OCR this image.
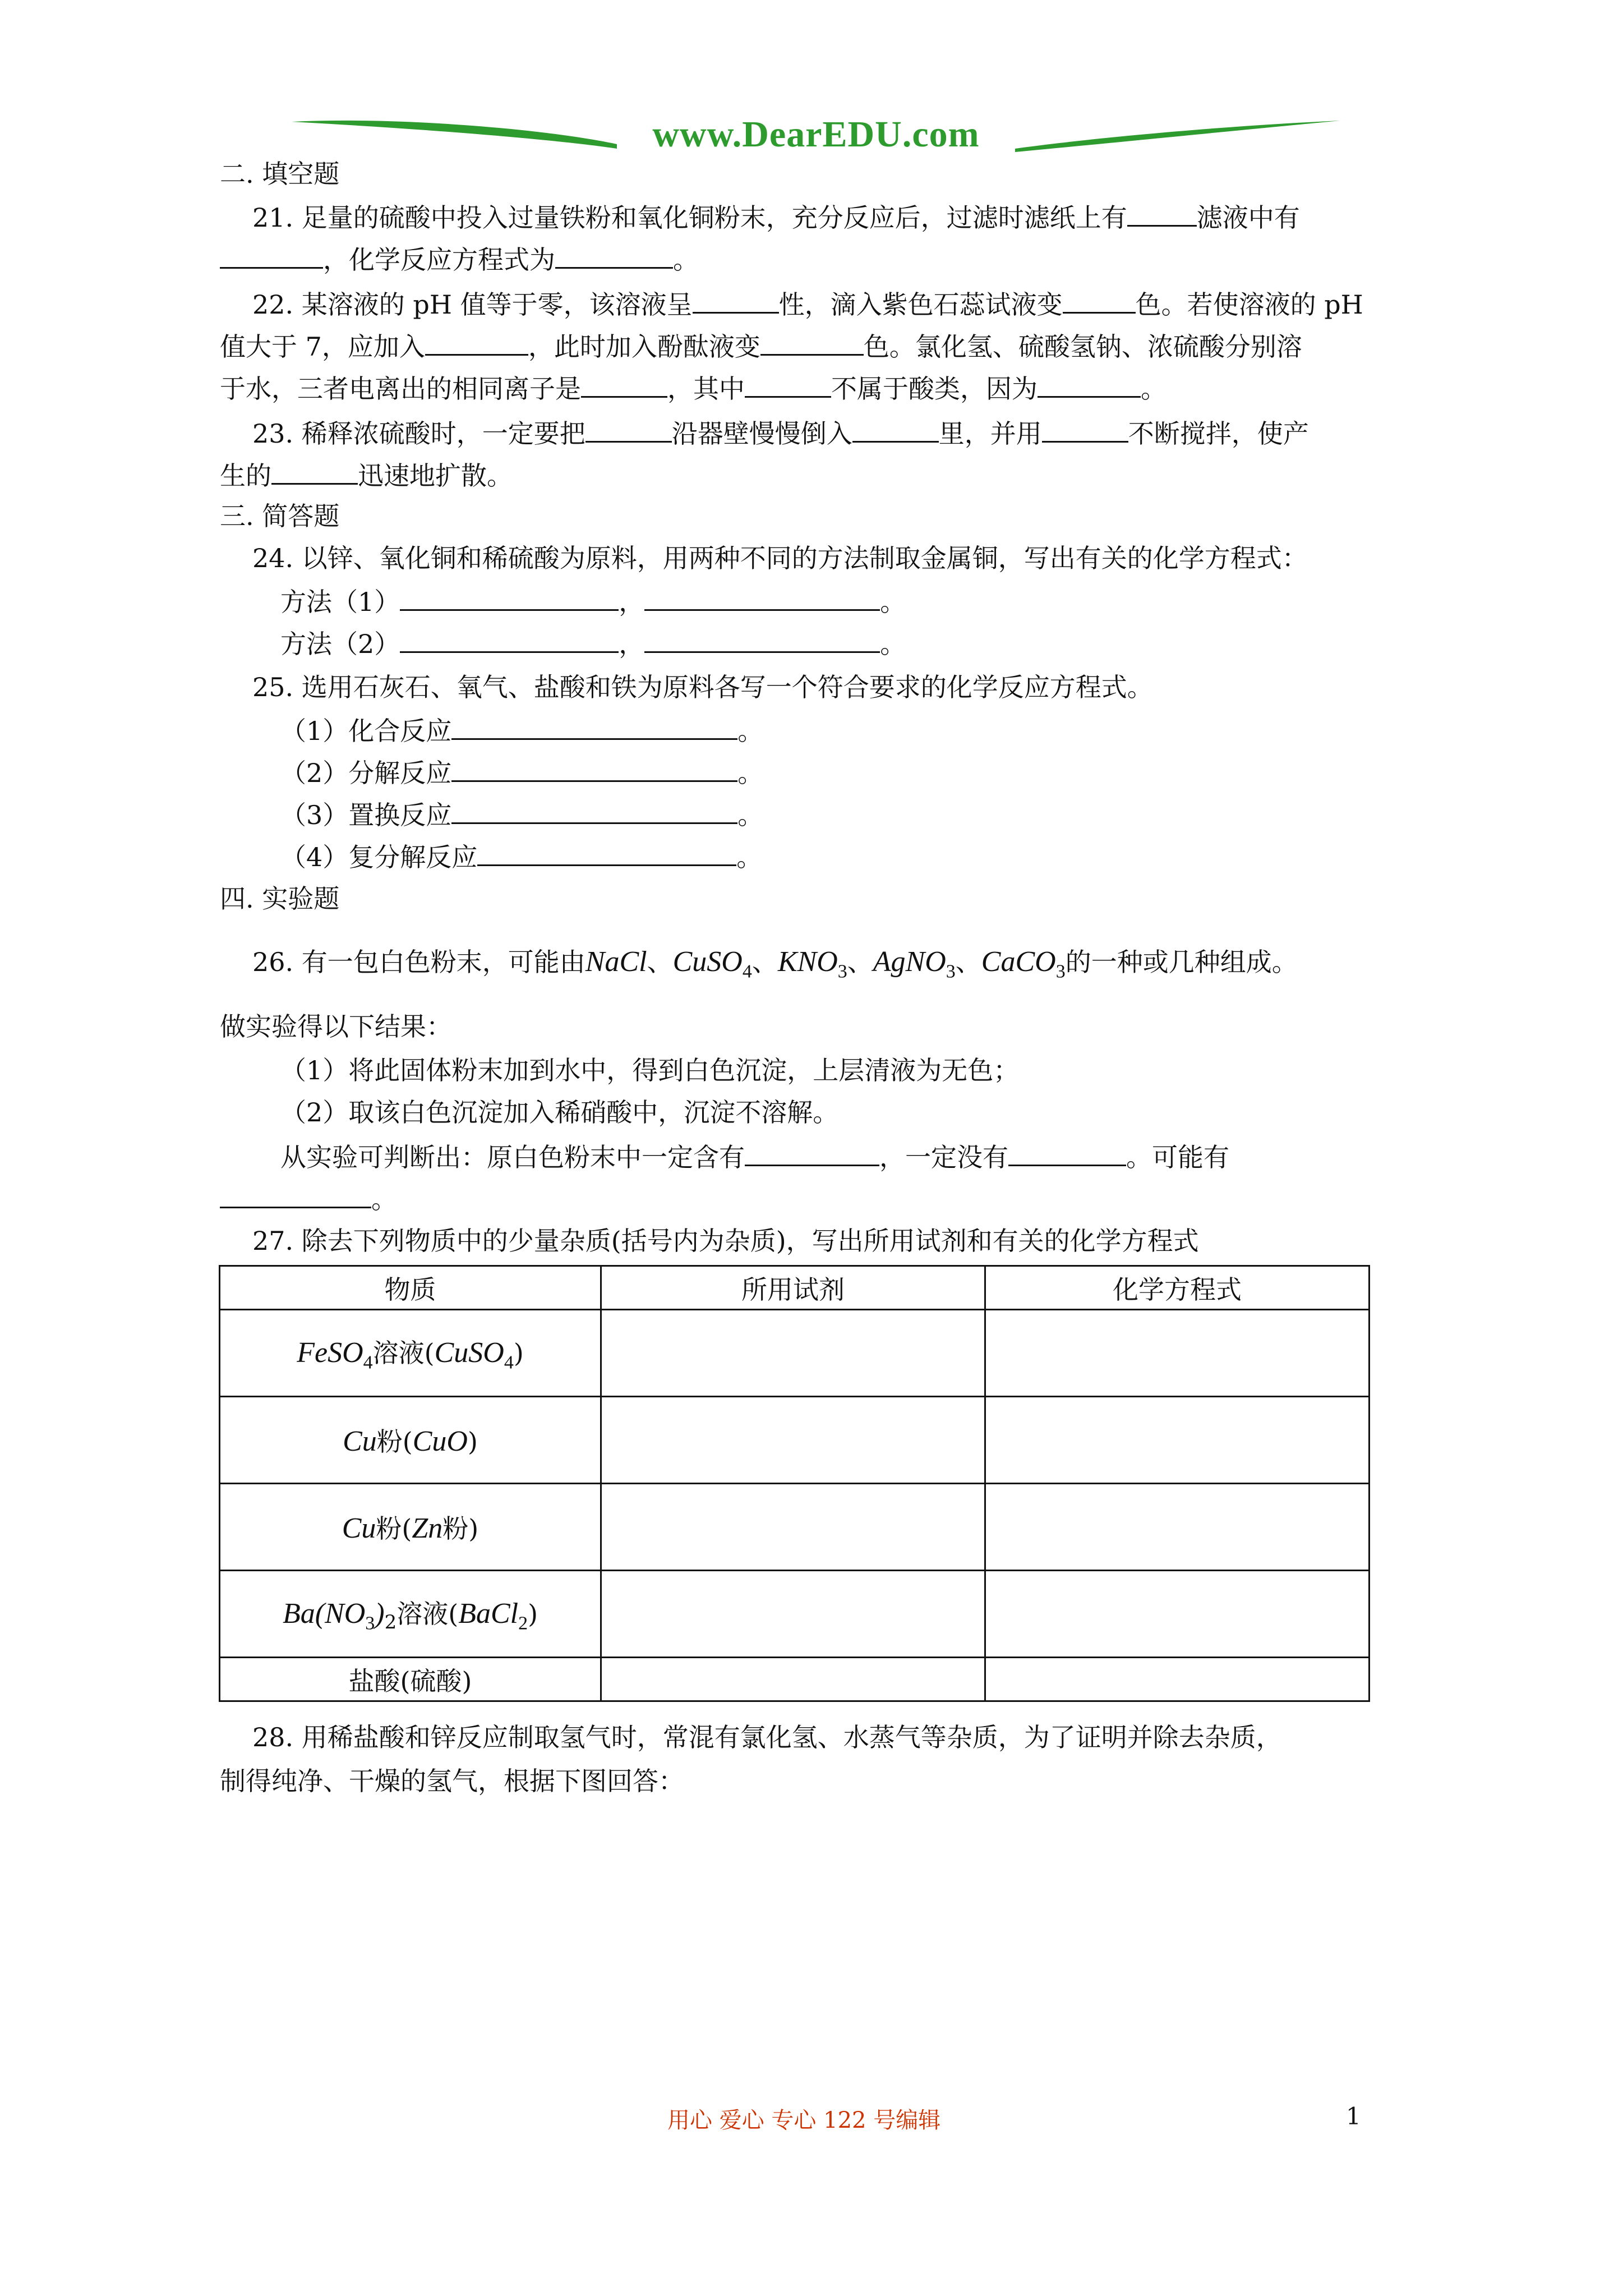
www.DearEDU.com
二. 填空题
21. 足量的硫酸中投入过量铁粉和氧化铜粉末，充分反应后，过滤时滤纸上有	滤液中有
，化学反应方程式为	。
22. 某溶液的 pH 值等于零，该溶液呈	性，滴入紫色石蕊试液变	色。若使溶液的 pH
值大于 7，应加入	，此时加入酚酞液变	色。氯化氢、硫酸氢钠、浓硫酸分别溶
于水，三者电离出的相同离子是	，其中	不属于酸类，因为	。
23. 稀释浓硫酸时，一定要把	沿器壁慢慢倒入	里，并用	不断搅拌，使产
生的	迅速地扩散。
三. 简答题
24. 以锌、氧化铜和稀硫酸为原料，用两种不同的方法制取金属铜，写出有关的化学方程式：
方法（1）	，	。
方法（2）	，	。
25. 选用石灰石、氧气、盐酸和铁为原料各写一个符合要求的化学反应方程式。
（1）化合反应	。
（2）分解反应	。
（3）置换反应	。
（4）复分解反应	。
四. 实验题
26. 有一包白色粉末，可能由NaCl、CuSO$_4$、$KNO_3$、AgNO$_3$、CaCO$_3$的一种或几种组成。
做实验得以下结果：
（1）将此固体粉末加到水中，得到白色沉淀，上层清液为无色；
（2）取该白色沉淀加入稀硝酸中，沉淀不溶解。
从实验可判断出：原白色粉末中一定含有	，一定没有	。可能有
。
27. 除去下列物质中的少量杂质(括号内为杂质)，写出所用试剂和有关的化学方程式
物质	所用试剂	化学方程式
FeSO$_4$溶液(CuSO$_4$)		
Cu粉(CuO)		
Cu粉(Zn粉)		
$Ba(NO_3)_2$溶液(BaCl$_2$)		
盐酸(硫酸)		
28. 用稀盐酸和锌反应制取氢气时，常混有氯化氢、水蒸气等杂质，为了证明并除去杂质，
制得纯净、干燥的氢气，根据下图回答：
用心 爱心 专心 122 号编辑	1
